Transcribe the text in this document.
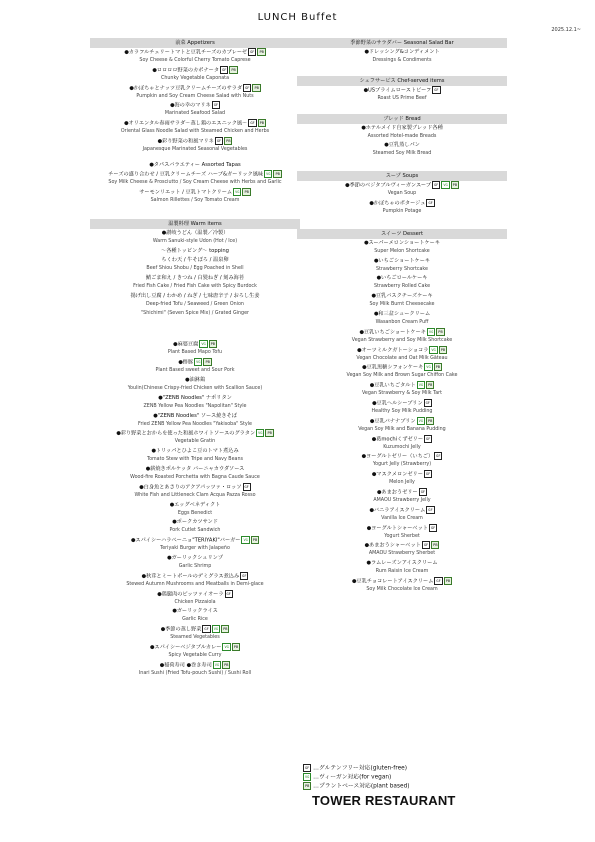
LUNCH Buffet
2025.12.1~
前菜 Appetizers
●カラフルチェリートマトと豆乳チーズのカプレーゼ GF PB
Soy Cheese & Colorful Cherry Tomato Caprese
●ロロロロ野菜のカポナータ GF PB
Chunky Vegetable Caponata
●かぼちゃとナッツ豆乳クリームチーズのサラダ GF PB
Pumpkin and Soy Cream Cheese Salad with Nuts
●海の幸のマリネ GF
Marinated Seafood Salad
●オリエンタル春雨サラダ～蒸し鶏のエスニック風～ GF PB
Oriental Glass Noodle Salad with Steamed Chicken and Herbs
●彩り野菜の和風マリネ GF PB
Japanesque Marinated Seasonal Vegetables
●タパスバラエティー Assorted Tapas
チーズの盛り合わせ / 豆乳クリームチーズ ハーブ&ガーリック風味 VG PB
Soy Milk Cheese & Prosciutto / Soy Cream Cheese with Herbs and Garlic
サーモンリエット / 豆乳トマトクリーム VG PB
Salmon Rillettes / Soy Tomato Cream
温製料理 Warm items
●讃岐うどん（温製／冷製）
Warm Sanuki-style Udon (Hot / Ice)
～各種トッピング～ topping
ちくわ天 / 牛そぼろ / 温泉卵
Beef Shiou Shobu / Egg Poached in Shell
鯖ごま和え / きつね / 白髪ねぎ / 刻み海苔
Fried Fish Cake / Fried Fish Cake with Spicy Burdock
揚げ出し豆腐 / わかめ / ねぎ / 七味唐辛子 / おろし生姜
Deep-fried Tofu / Seaweed / Green Onion
"Shichimi" (Seven Spice Mix) / Grated Ginger
●麻婆豆腐 VG PB
Plant Based Mapo Tofu
●酢豚 VG PB
Plant Based sweet and Sour Pork
●油淋鶏
Youlin(Chinese Crispy-fried Chicken with Scallion Sauce)
●"ZENB Noodles" ナポリタン
ZENB Yellow Pea Noodles "Napolitan" Style
●"ZENB Noodles" ソース焼きそば
Fried ZENB Yellow Pea Noodles "Yakisoba" Style
●彩り野菜とおからを使った和風ホワイトソースのグラタン VG PB
Vegetable Gratin
●トリッパとひよこ豆のトマト煮込み
Tomato Stew with Tripe and Navy Beans
●薪焼きポルケッタ バーニャカウダソース
Wood-fire Roasted Porchetta with Bagna Caude Sauce
●白身魚とあさりのアクアパッツァ・ロッソ GF
White Fish and Littleneck Clam Acqua Pazza Rosso
●エッグベネディクト
Eggs Benedict
●ポークカツサンド
Pork Cutlet Sandwich
●スパイシーハラペーニョ"TERIYAKI"バーガー VG PB
Teriyaki Burger with Jalapeño
●ガーリックシュリンプ
Garlic Shrimp
●秋茸とミートボールのデミグラス煮込み GF
Stewed Autumn Mushrooms and Meatballs in Demi-glace
●鶏腿肉のピッツァイオーラ GF
Chicken Pizzaiola
●ガーリックライス
Garlic Rice
●季節の蒸し野菜 GF VG PB
Steamed Vegetables
●スパイシーベジタブルカレー VG PB
Spicy Vegetable Curry
●稲荷寿司 ●巻き寿司 VG PB
Inari Sushi (Fried Tofu-pouch Sushi) / Sushi Roll
季節野菜のサラダバー Seasonal Salad Bar
●ドレッシング&コンディメント
Dressings & Condiments
シェフサービス Chef-served items
●USプライムローストビーフ GF
Roast US Prime Beef
ブレッド Bread
●ホテルメイド自家製ブレッド各種
Assorted Hotel-made Breads
●豆乳蒸しパン
Steamed Soy Milk Bread
スープ Soups
●季節のベジタブルヴィーガンスープ GF VG PB
Vegan Soup
●かぼちゃのポタージュ GF
Pumpkin Potage
スイーツ Dessert
●スーパーメロンショートケーキ
Super Melon Shortcake
●いちごショートケーキ
Strawberry Shortcake
●いちごロールケーキ
Strawberry Rolled Cake
●豆乳バスクチーズケーキ
Soy Milk Burnt Cheesecake
●和三盆シュークリーム
Wasanbon Cream Puff
●豆乳いちごショートケーキ VG PB
Vegan Strawberry and Soy Milk Shortcake
●オーツミルクガトーショコラ VG PB
Vegan Chocolate and Oat Milk Gâteau
●豆乳黒糖シフォンケーキ VG PB
Vegan Soy Milk and Brown Sugar Chiffon Cake
●豆乳いちごタルト VG PB
Vegan Strawberry & Soy Milk Tart
●豆乳ヘルシープリン GF
Healthy Soy Milk Pudding
●豆乳バナナプリン VG PB
Vegan Soy Milk and Banana Pudding
●葛mochiくずゼリー GF
Kuzumochi Jelly
●ヨーグルトゼリー（いちご） GF
Yogurt Jelly (Strawberry)
●マスクメロンゼリー GF
Melon Jelly
●あまおうゼリー GF
AMAOU Strawberry Jelly
●バニラアイスクリーム GF
Vanilla Ice Cream
●ヨーグルトシャーベット GF
Yogurt Sherbet
●あまおうシャーベット GF PB
AMAOU Strawberry Sherbet
●ラムレーズンアイスクリーム
Rum Raisin Ice Cream
●豆乳チョコレートアイスクリーム GF PB
Soy Milk Chocolate Ice Cream
GF …グルテンフリー対応(gluten-free)
VG …ヴィーガン対応(for vegan)
PB …プラントベース対応(plant based)
TOWER RESTAURANT
